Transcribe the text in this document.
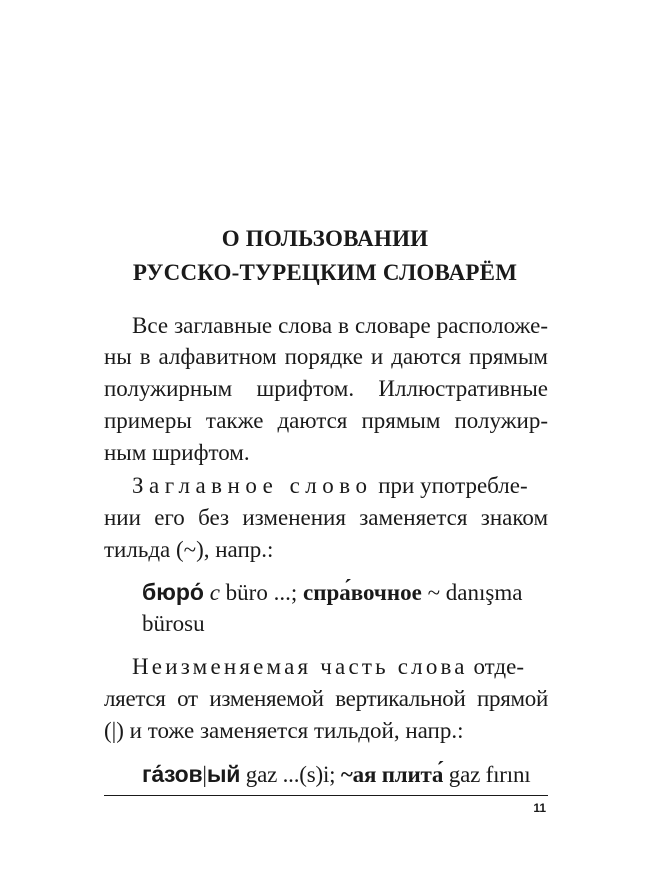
О ПОЛЬЗОВАНИИ
РУССКО-ТУРЕЦКИМ СЛОВАРЁМ
Все заглавные слова в словаре расположе-
ны в алфавитном порядке и даются прямым
полужирным шрифтом. Иллюстративные
примеры также даются прямым полужир-
ным шрифтом.
Заглавное слово при употребле-
нии его без изменения заменяется знаком
тильда (~), напр.:
бюро́ с büro ...; спра́вочное ~ danışma
bürosu
Неизменяемая часть слова отде-
ляется от изменяемой вертикальной прямой
(|) и тоже заменяется тильдой, напр.:
га́зов|ый gaz ...(s)i; ~ая плита́ gaz fırını
11
